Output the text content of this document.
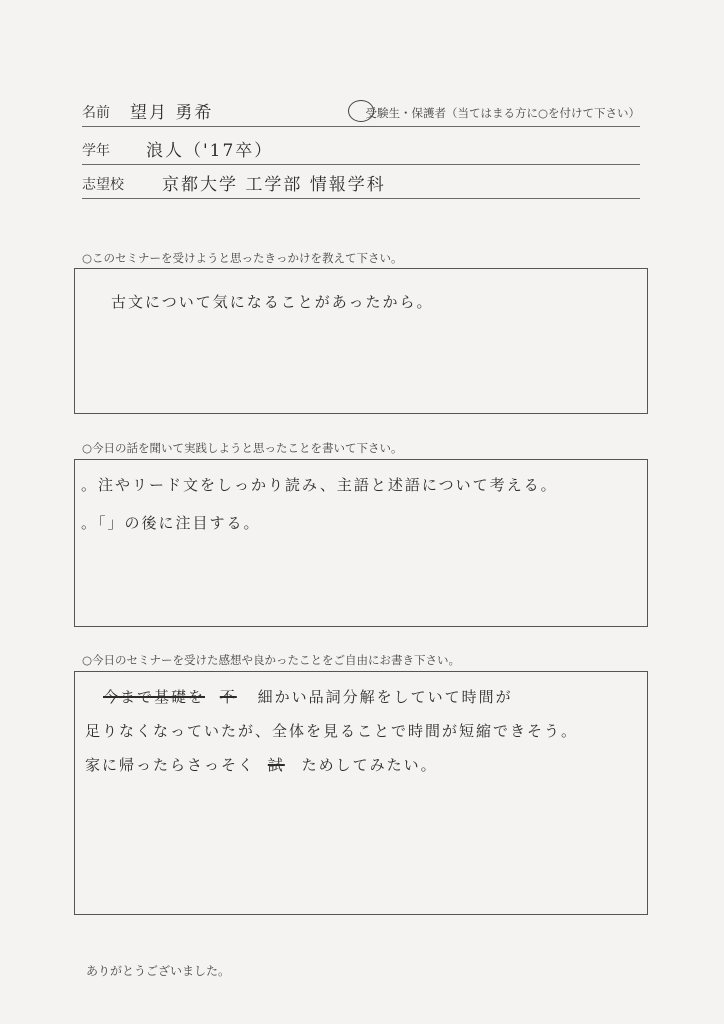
名前 望月 勇希	受験生・保護者（当てはまる方に○を付けて下さい）
学年 浪人（'17卒）
志望校 京都大学 工学部 情報学科
○このセミナーを受けようと思ったきっかけを教えて下さい。
古文について気になることがあったから。
○今日の話を聞いて実践しようと思ったことを書いて下さい。
。注やリード文をしっかり読み、主語と述語について考える。
。「」の後に注目する。
○今日のセミナーを受けた感想や良かったことをご自由にお書き下さい。
今まで基礎を 不 細かい品詞分解をしていて時間が
足りなくなっていたが、全体を見ることで時間が短縮できそう。
家に帰ったらさっそく 試 ためしてみたい。
ありがとうございました。
